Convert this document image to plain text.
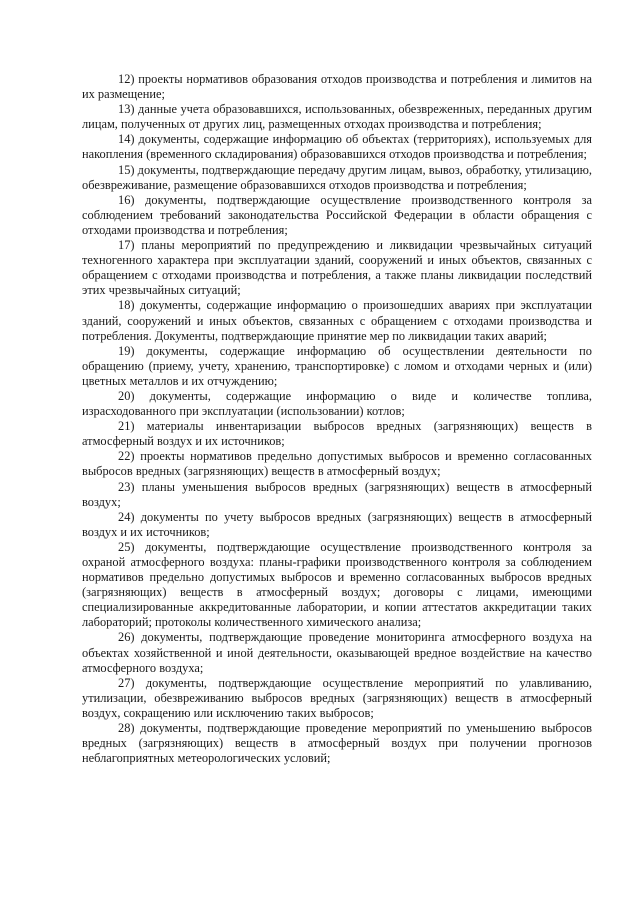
12) проекты нормативов образования отходов производства и потребления и лимитов на их размещение;

13) данные учета образовавшихся, использованных, обезвреженных, переданных другим лицам, полученных от других лиц, размещенных отходах производства и потребления;

14) документы, содержащие информацию об объектах (территориях), используемых для накопления (временного складирования) образовавшихся отходов производства и потребления;

15) документы, подтверждающие передачу другим лицам, вывоз, обработку, утилизацию, обезвреживание, размещение образовавшихся отходов производства и потребления;

16) документы, подтверждающие осуществление производственного контроля за соблюдением требований законодательства Российской Федерации в области обращения с отходами производства и потребления;

17) планы мероприятий по предупреждению и ликвидации чрезвычайных ситуаций техногенного характера при эксплуатации зданий, сооружений и иных объектов, связанных с обращением с отходами производства и потребления, а также планы ликвидации последствий этих чрезвычайных ситуаций;

18) документы, содержащие информацию о произошедших авариях при эксплуатации зданий, сооружений и иных объектов, связанных с обращением с отходами производства и потребления. Документы, подтверждающие принятие мер по ликвидации таких аварий;

19) документы, содержащие информацию об осуществлении деятельности по обращению (приему, учету, хранению, транспортировке) с ломом и отходами черных и (или) цветных металлов и их отчуждению;

20) документы, содержащие информацию о виде и количестве топлива, израсходованного при эксплуатации (использовании) котлов;

21) материалы инвентаризации выбросов вредных (загрязняющих) веществ в атмосферный воздух и их источников;

22) проекты нормативов предельно допустимых выбросов и временно согласованных выбросов вредных (загрязняющих) веществ в атмосферный воздух;

23) планы уменьшения выбросов вредных (загрязняющих) веществ в атмосферный воздух;

24) документы по учету выбросов вредных (загрязняющих) веществ в атмосферный воздух и их источников;

25) документы, подтверждающие осуществление производственного контроля за охраной атмосферного воздуха: планы-графики производственного контроля за соблюдением нормативов предельно допустимых выбросов и временно согласованных выбросов вредных (загрязняющих) веществ в атмосферный воздух; договоры с лицами, имеющими специализированные аккредитованные лаборатории, и копии аттестатов аккредитации таких лабораторий; протоколы количественного химического анализа;

26) документы, подтверждающие проведение мониторинга атмосферного воздуха на объектах хозяйственной и иной деятельности, оказывающей вредное воздействие на качество атмосферного воздуха;

27) документы, подтверждающие осуществление мероприятий по улавливанию, утилизации, обезвреживанию выбросов вредных (загрязняющих) веществ в атмосферный воздух, сокращению или исключению таких выбросов;

28) документы, подтверждающие проведение мероприятий по уменьшению выбросов вредных (загрязняющих) веществ в атмосферный воздух при получении прогнозов неблагоприятных метеорологических условий;
